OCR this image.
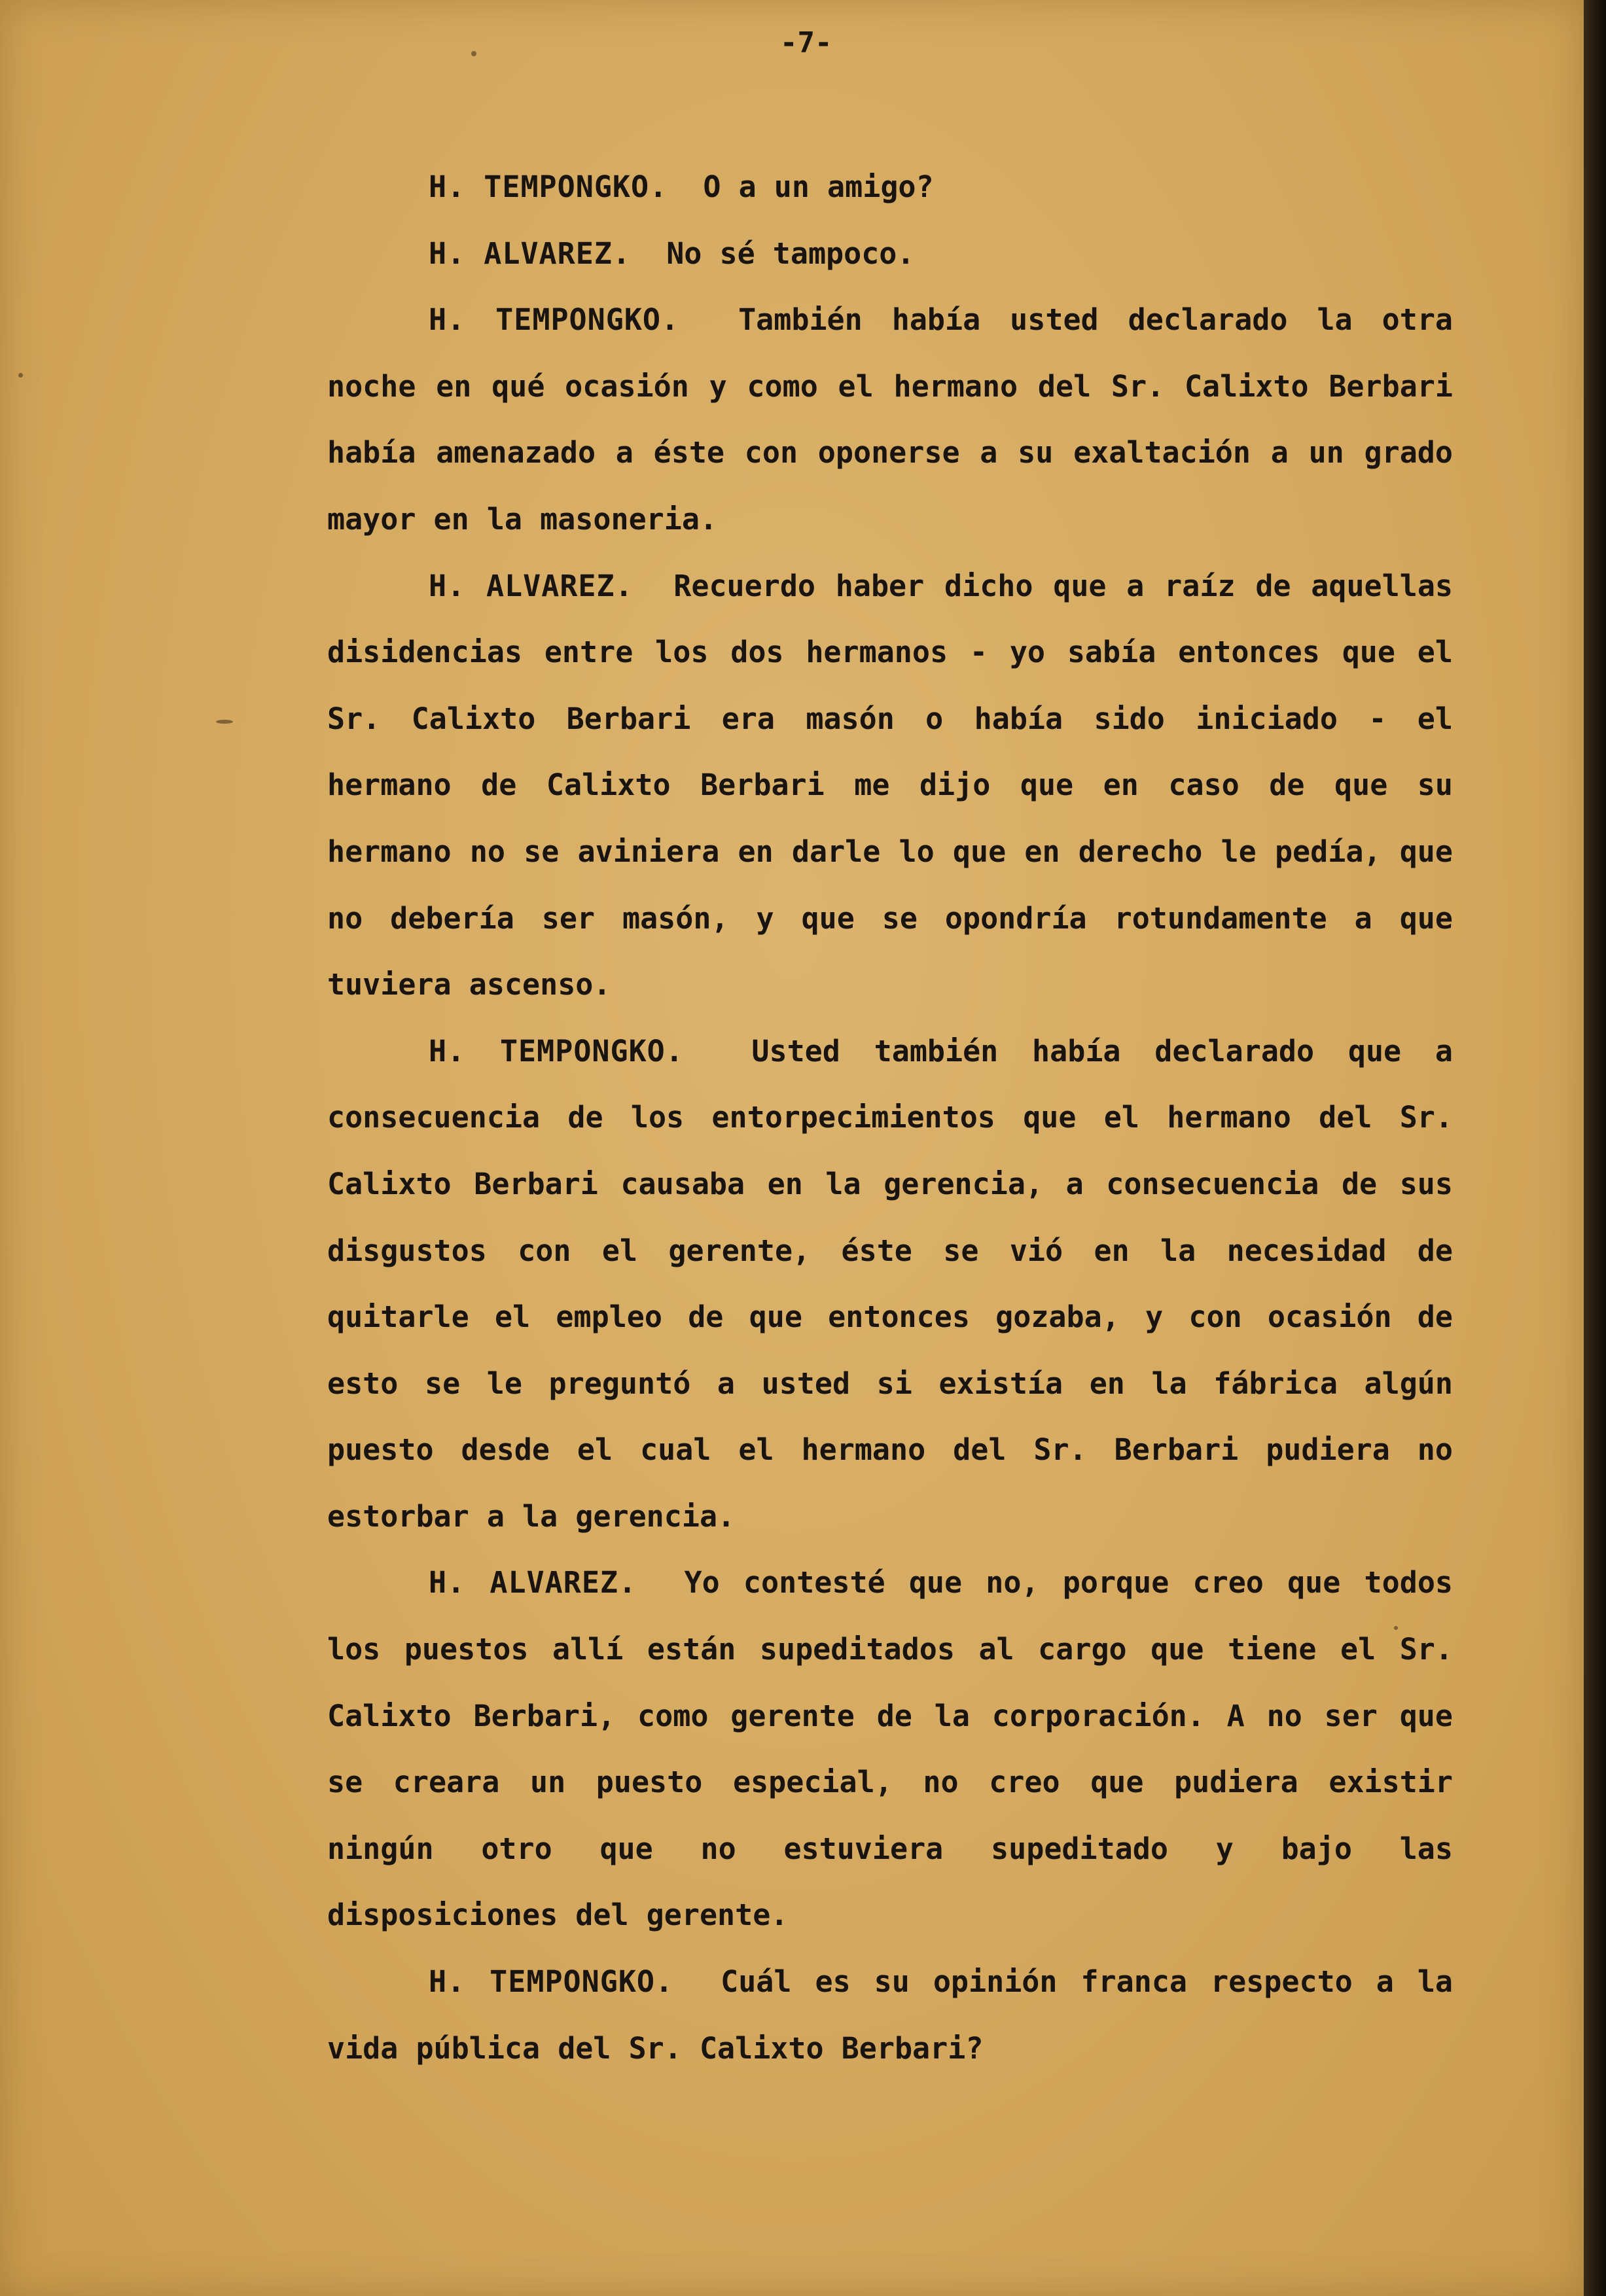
-7-

H. TEMPONGKO. O a un amigo?

H. ALVAREZ. No sé tampoco.

H. TEMPONGKO. También había usted declarado la otra noche en qué ocasión y como el hermano del Sr. Calixto Berbari había amenazado a éste con oponerse a su exaltación a un grado mayor en la masoneria.

H. ALVAREZ. Recuerdo haber dicho que a raíz de aquellas disidencias entre los dos hermanos - yo sabía entonces que el Sr. Calixto Berbari era masón o había sido iniciado - el hermano de Calixto Berbari me dijo que en caso de que su hermano no se aviniera en darle lo que en derecho le pedía, que no debería ser masón, y que se opondría rotundamente a que tuviera ascenso.

H. TEMPONGKO. Usted también había declarado que a consecuencia de los entorpecimientos que el hermano del Sr. Calixto Berbari causaba en la gerencia, a consecuencia de sus disgustos con el gerente, éste se vió en la necesidad de quitarle el empleo de que entonces gozaba, y con ocasión de esto se le preguntó a usted si existía en la fábrica algún puesto desde el cual el hermano del Sr. Berbari pudiera no estorbar a la gerencia.

H. ALVAREZ. Yo contesté que no, porque creo que todos los puestos allí están supeditados al cargo que tiene el Sr. Calixto Berbari, como gerente de la corporación. A no ser que se creara un puesto especial, no creo que pudiera existir ningún otro que no estuviera supeditado y bajo las disposiciones del gerente.

H. TEMPONGKO. Cuál es su opinión franca respecto a la vida pública del Sr. Calixto Berbari?
